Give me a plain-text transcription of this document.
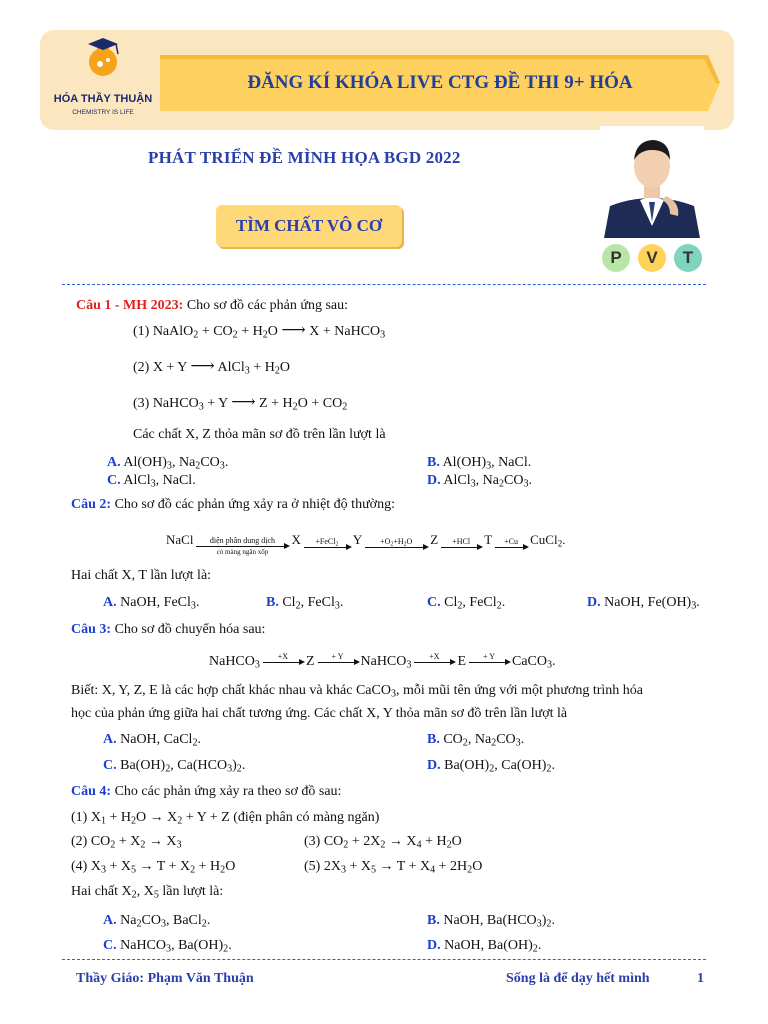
HÓA THẦY THUẬN
CHEMISTRY IS LIFE
ĐĂNG KÍ KHÓA LIVE CTG ĐỀ THI 9+ HÓA
PHÁT TRIỂN ĐỀ MÌNH HỌA BGD 2022
TÌM CHẤT VÔ CƠ
P	V	T
Câu 1 - MH 2023: Cho sơ đồ các phản ứng sau:
(1) NaAlO$_2$ + $CO_2 + H_2O$ ⟶ X + NaHCO$_3$
(2) X + Y ⟶ AlCl$_3$ + $H_2O$
(3) NaHCO$_3$ + Y ⟶ $Z + H_2O + CO_2$
Các chất X, Z thỏa mãn sơ đồ trên lần lượt là
A. $Al(OH)_3$, $Na_2CO_3$.	B. $Al(OH)_3$, NaCl.
C. AlCl$_3$, NaCl.	D. AlCl$_3$, $Na_2CO_3$.
Câu 2: Cho sơ đồ các phản ứng xảy ra ở nhiệt độ thường:
NaCl điện phân dung dịch
có màng ngăn xốp
X +FeCl$_2$ $Y +O_2+H_2O$ Z +HCl T +Cu CuCl$_2$.
Hai chất X, T lần lượt là:
A. NaOH, FeCl$_3$.	B. $Cl_2$, FeCl$_3$.	C. $Cl_2$, FeCl$_2$.	D. NaOH, $Fe(OH)_3$.
Câu 3: Cho sơ đồ chuyển hóa sau:
NaHCO$_3$
+X Z + Y NaHCO$_3$
+X E + Y CaCO$_3$.
Biết: X, Y, Z, E là các hợp chất khác nhau và khác CaCO$_3$, mỗi mũi tên ứng với một phương trình hóa
học của phản ứng giữa hai chất tương ứng. Các chất X, Y thỏa mãn sơ đồ trên lần lượt là
A. NaOH, CaCl$_2$.	B. $CO_2$, $Na_2CO_3$.
C. $Ba(OH)_2$, $Ca(HCO_3)_2$.	D. $Ba(OH)_2$, $Ca(OH)_2$.
Câu 4: Cho các phản ứng xảy ra theo sơ đồ sau:
(1) $X_1 + H_2O \to X_2 + Y + Z$ (điện phân có màng ngăn)
(2) $CO_2 + X_2 \to X_3$	(3) $CO_2 + 2X_2 \to X_4 + H_2O$
(4) $X_3 + X_5 \to T + X_2 + H_2O$	(5) $2X_3 + X_5 \to T + X_4 + 2H_2O$
Hai chất $X_2$, $X_5$ lần lượt là:
A. $Na_2CO_3$, BaCl$_2$.	B. NaOH, $Ba(HCO_3)_2$.
C. NaHCO$_3$, $Ba(OH)_2$.	D. NaOH, $Ba(OH)_2$.
Thầy Giáo: Phạm Văn Thuận	Sống là để dạy hết mình	1
